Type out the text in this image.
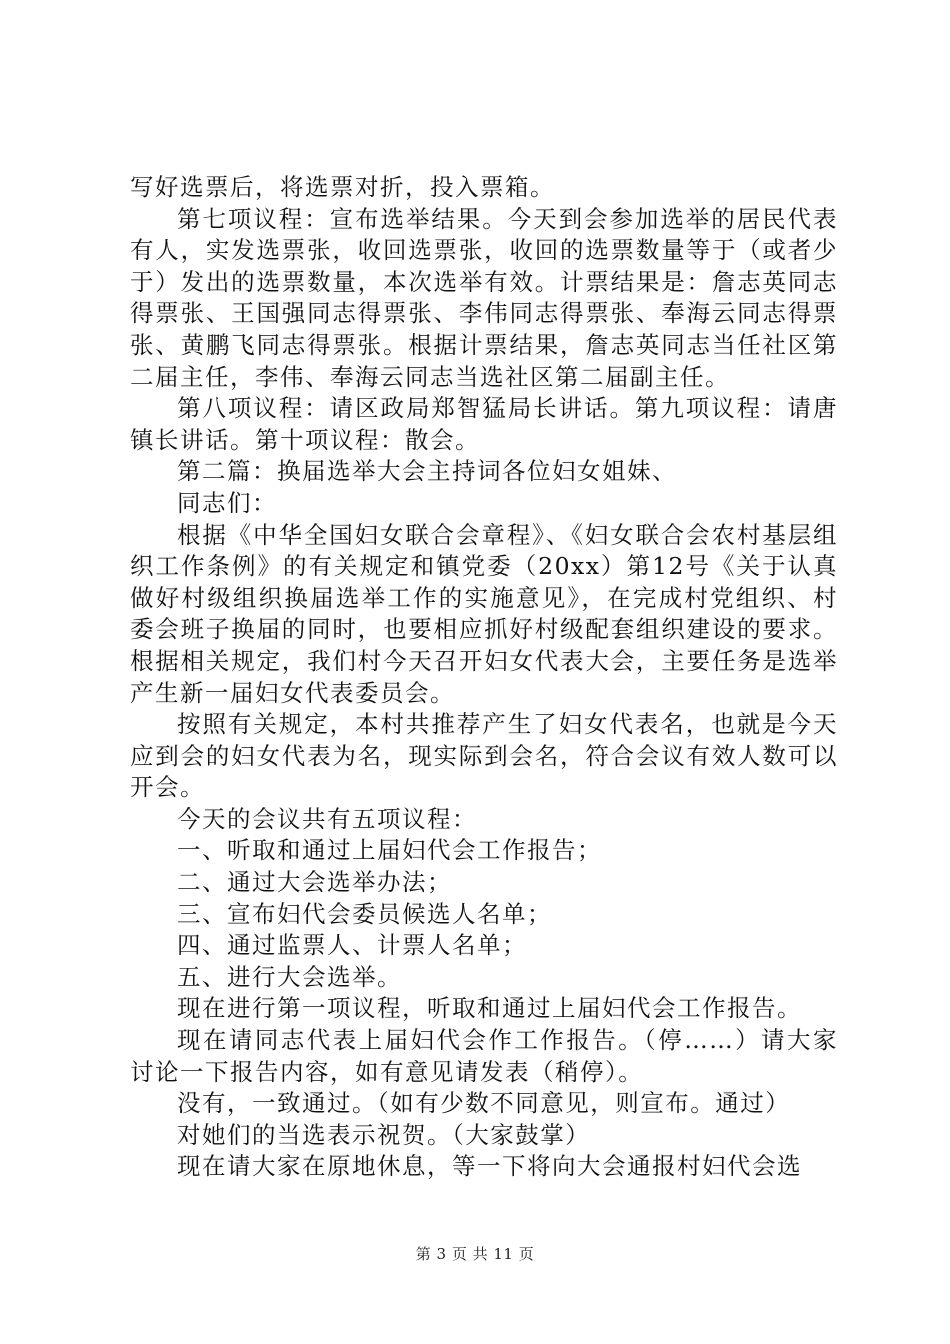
写好选票后，将选票对折，投入票箱。

第七项议程：宣布选举结果。今天到会参加选举的居民代表有人，实发选票张，收回选票张，收回的选票数量等于（或者少于）发出的选票数量，本次选举有效。计票结果是：詹志英同志得票张、王国强同志得票张、李伟同志得票张、奉海云同志得票张、黄鹏飞同志得票张。根据计票结果，詹志英同志当任社区第二届主任，李伟、奉海云同志当选社区第二届副主任。

第八项议程：请区政局郑智猛局长讲话。第九项议程：请唐镇长讲话。第十项议程：散会。

第二篇：换届选举大会主持词各位妇女姐妹、

同志们：

根据《中华全国妇女联合会章程》、《妇女联合会农村基层组织工作条例》的有关规定和镇党委（20xx）第12号《关于认真做好村级组织换届选举工作的实施意见》，在完成村党组织、村委会班子换届的同时，也要相应抓好村级配套组织建设的要求。根据相关规定，我们村今天召开妇女代表大会，主要任务是选举产生新一届妇女代表委员会。

按照有关规定，本村共推荐产生了妇女代表名，也就是今天应到会的妇女代表为名，现实际到会名，符合会议有效人数可以开会。

今天的会议共有五项议程：

一、听取和通过上届妇代会工作报告；

二、通过大会选举办法；

三、宣布妇代会委员候选人名单；

四、通过监票人、计票人名单；

五、进行大会选举。

现在进行第一项议程，听取和通过上届妇代会工作报告。

现在请同志代表上届妇代会作工作报告。（停……）请大家讨论一下报告内容，如有意见请发表（稍停）。

没有，一致通过。（如有少数不同意见，则宣布。通过）

对她们的当选表示祝贺。（大家鼓掌）

现在请大家在原地休息，等一下将向大会通报村妇代会选

第 3 页 共 11 页
